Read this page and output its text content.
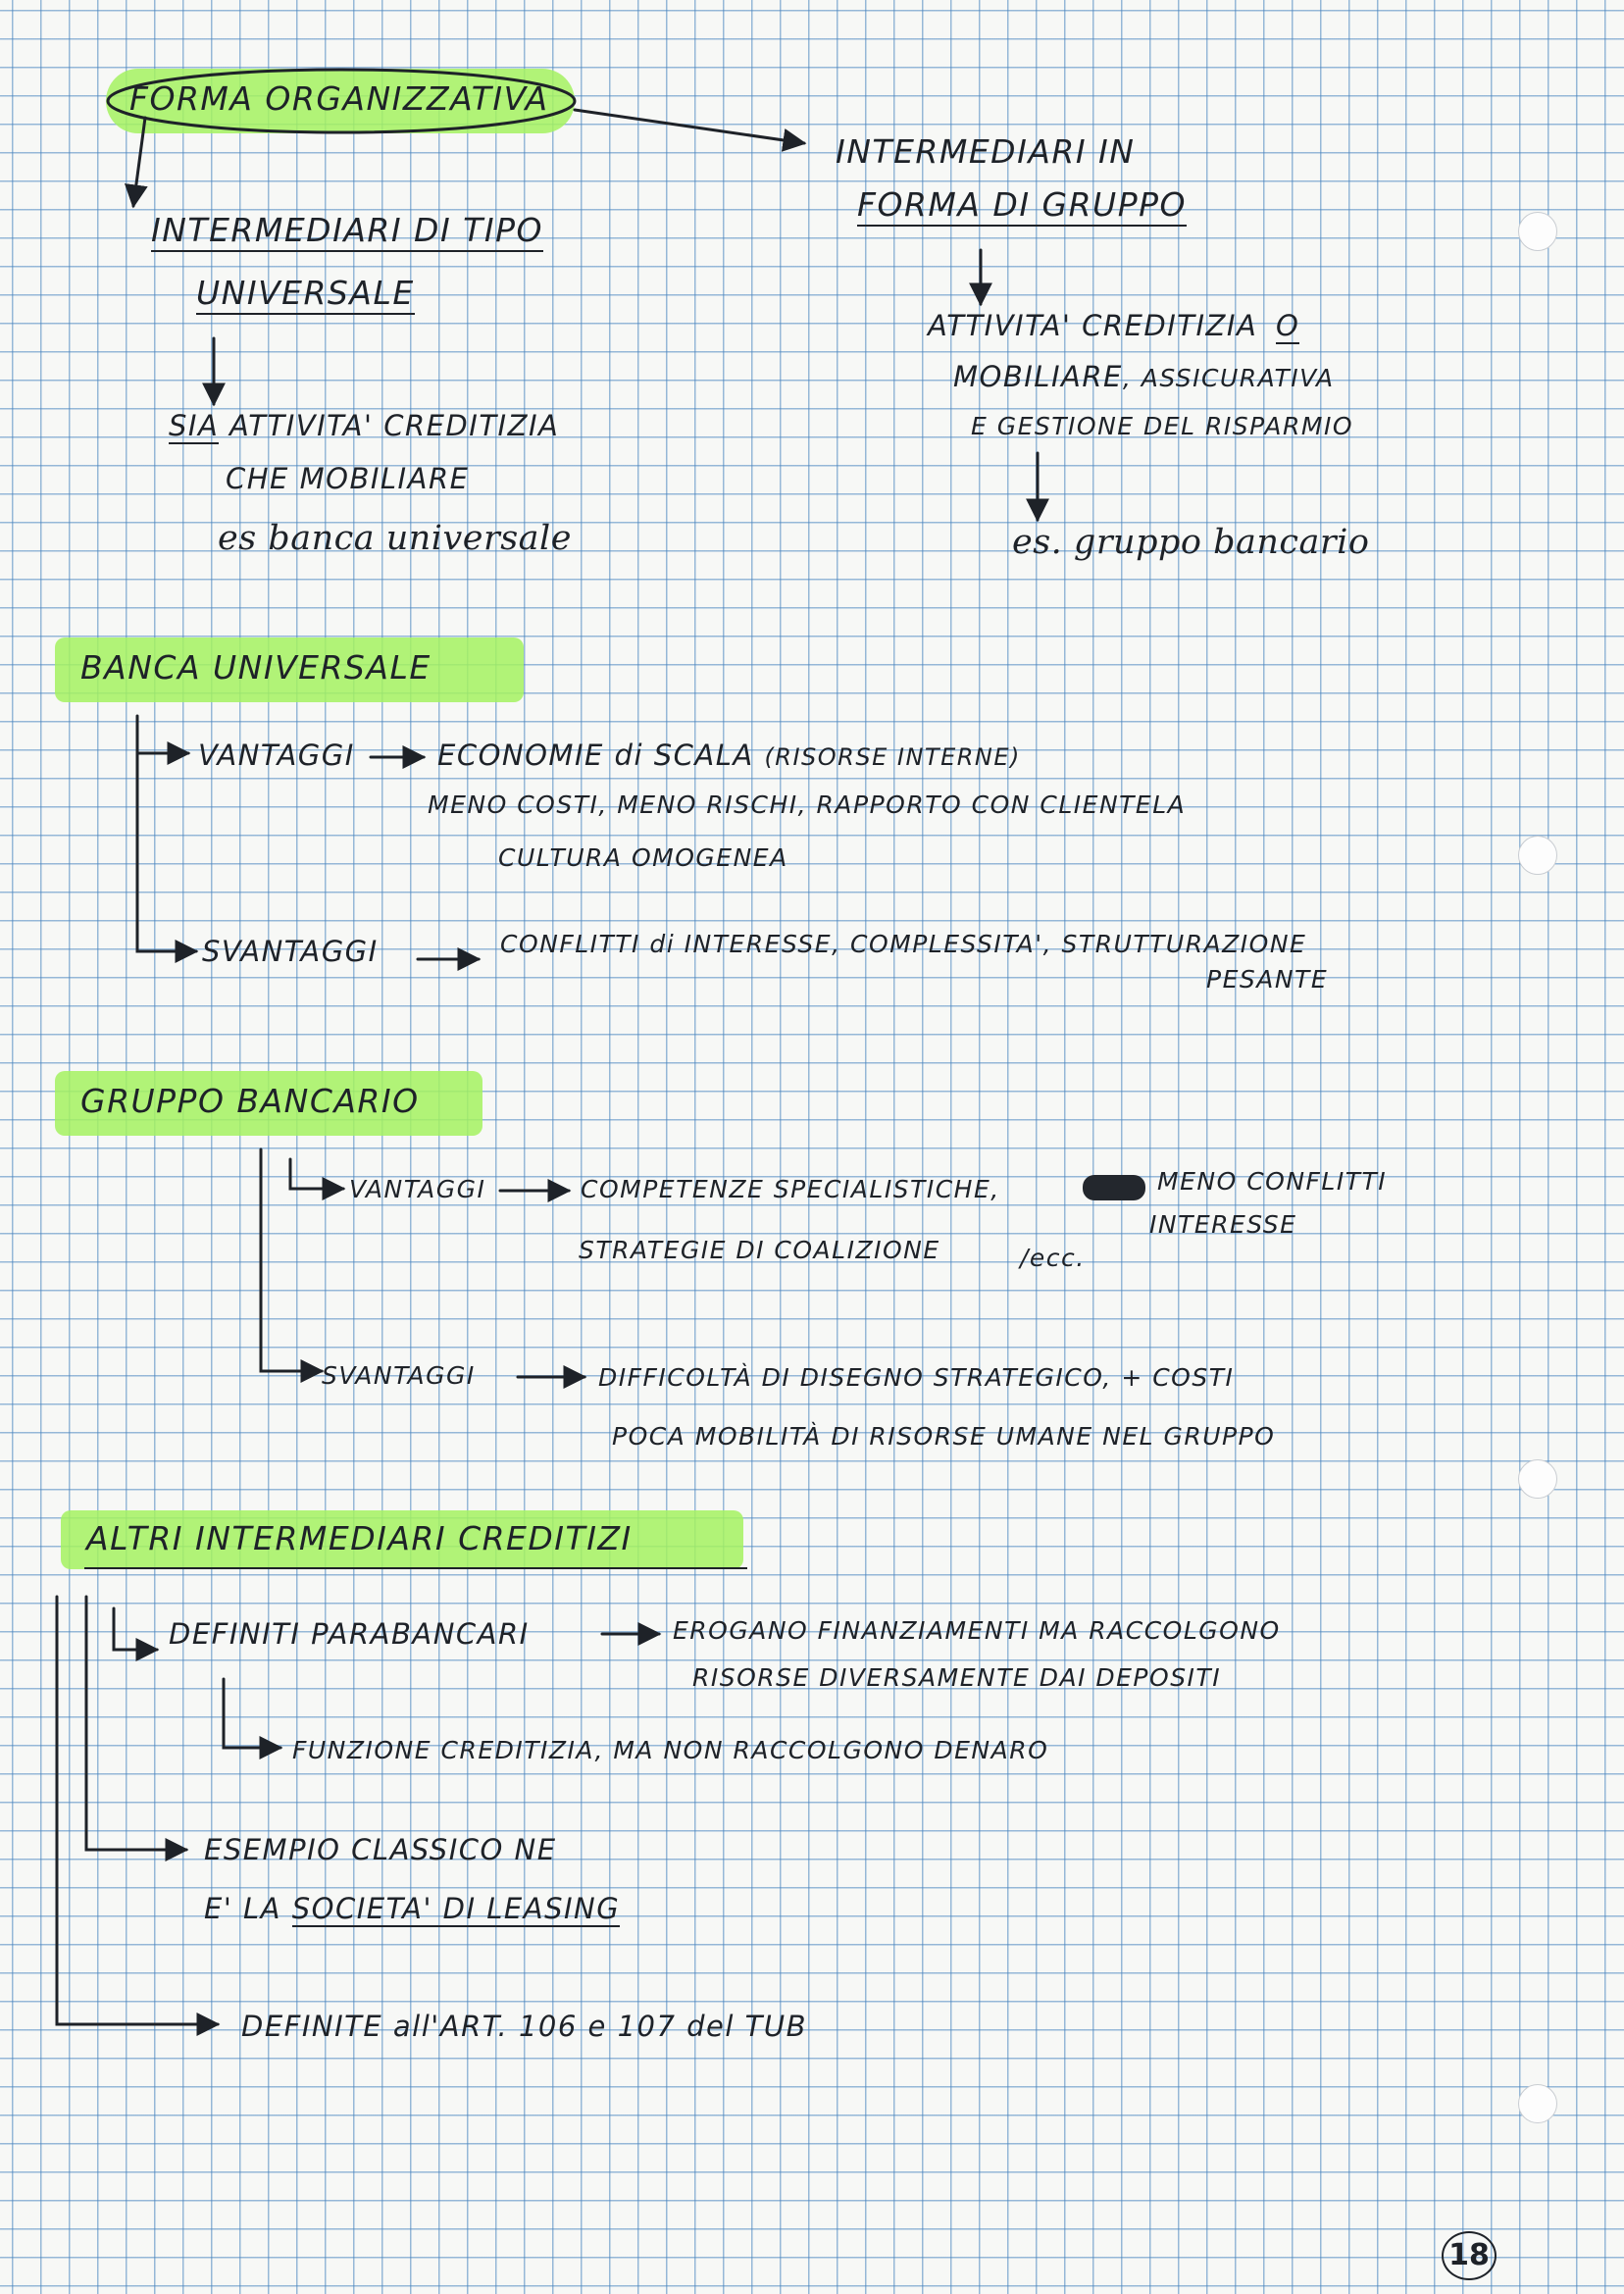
FORMA ORGANIZZATIVA
INTERMEDIARI DI TIPO
UNIVERSALE
SIA ATTIVITA' CREDITIZIA
CHE MOBILIARE
es banca universale
INTERMEDIARI IN
FORMA DI GRUPPO
ATTIVITA' CREDITIZIA O
MOBILIARE, ASSICURATIVA
E GESTIONE DEL RISPARMIO
es. gruppo bancario
BANCA UNIVERSALE
VANTAGGI	ECONOMIE di SCALA (RISORSE INTERNE)
MENO COSTI, MENO RISCHI, RAPPORTO CON CLIENTELA
CULTURA OMOGENEA
SVANTAGGI	CONFLITTI di INTERESSE, COMPLESSITA', STRUTTURAZIONE
PESANTE
GRUPPO BANCARIO
VANTAGGI	COMPETENZE SPECIALISTICHE,	MENO CONFLITTI
INTERESSE
STRATEGIE DI COALIZIONE	/ecc.
SVANTAGGI	DIFFICOLTÀ DI DISEGNO STRATEGICO, + COSTI
POCA MOBILITÀ DI RISORSE UMANE NEL GRUPPO
ALTRI INTERMEDIARI CREDITIZI
DEFINITI PARABANCARI	EROGANO FINANZIAMENTI MA RACCOLGONO
RISORSE DIVERSAMENTE DAI DEPOSITI
FUNZIONE CREDITIZIA, MA NON RACCOLGONO DENARO
ESEMPIO CLASSICO NE
E' LA SOCIETA' DI LEASING
DEFINITE all'ART. 106 e 107 del TUB
18
